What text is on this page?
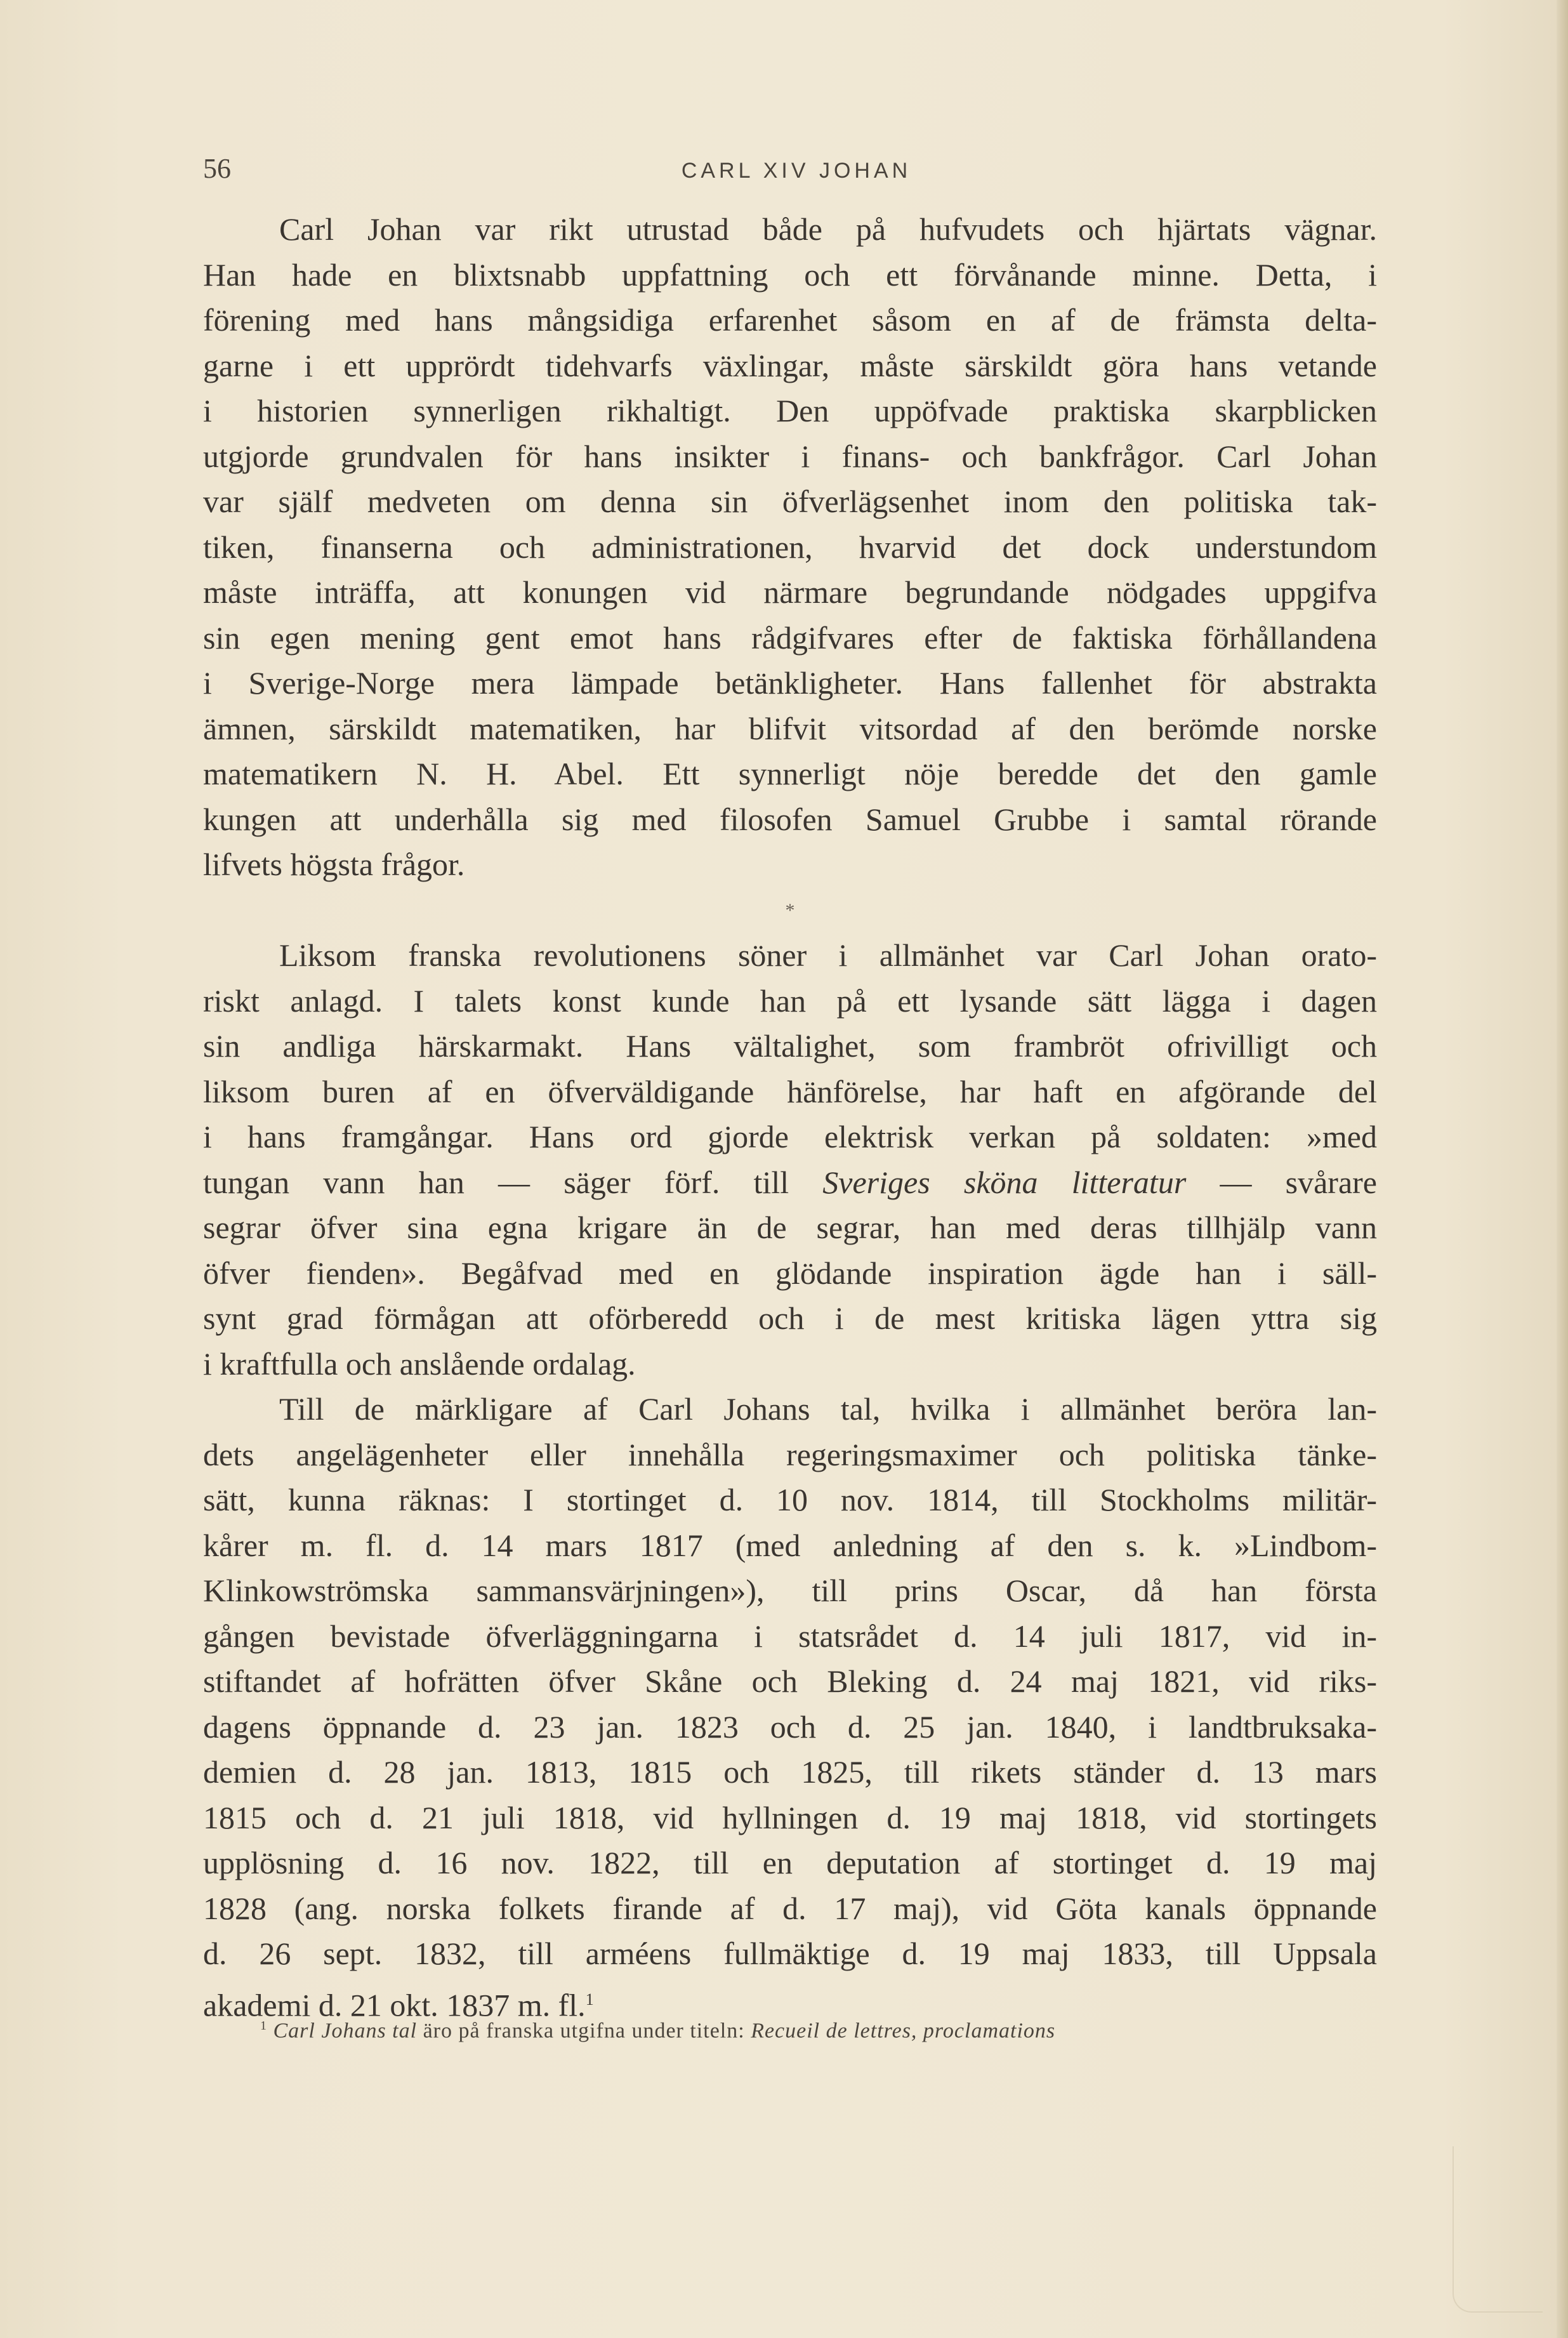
56	CARL XIV JOHAN
Carl Johan var rikt utrustad både på hufvudets och hjärtats vägnar.
Han hade en blixtsnabb uppfattning och ett förvånande minne. Detta, i
förening med hans mångsidiga erfarenhet såsom en af de främsta delta-
garne i ett upprördt tidehvarfs växlingar, måste särskildt göra hans vetande
i historien synnerligen rikhaltigt. Den uppöfvade praktiska skarpblicken
utgjorde grundvalen för hans insikter i finans- och bankfrågor. Carl Johan
var själf medveten om denna sin öfverlägsenhet inom den politiska tak-
tiken, finanserna och administrationen, hvarvid det dock understundom
måste inträffa, att konungen vid närmare begrundande nödgades uppgifva
sin egen mening gent emot hans rådgifvares efter de faktiska förhållandena
i Sverige-Norge mera lämpade betänkligheter. Hans fallenhet för abstrakta
ämnen, särskildt matematiken, har blifvit vitsordad af den berömde norske
matematikern N. H. Abel. Ett synnerligt nöje beredde det den gamle
kungen att underhålla sig med filosofen Samuel Grubbe i samtal rörande
lifvets högsta frågor.
*
Liksom franska revolutionens söner i allmänhet var Carl Johan orato-
riskt anlagd. I talets konst kunde han på ett lysande sätt lägga i dagen
sin andliga härskarmakt. Hans vältalighet, som frambröt ofrivilligt och
liksom buren af en öfverväldigande hänförelse, har haft en afgörande del
i hans framgångar. Hans ord gjorde elektrisk verkan på soldaten: »med
tungan vann han — säger förf. till Sveriges sköna litteratur — svårare
segrar öfver sina egna krigare än de segrar, han med deras tillhjälp vann
öfver fienden». Begåfvad med en glödande inspiration ägde han i säll-
synt grad förmågan att oförberedd och i de mest kritiska lägen yttra sig
i kraftfulla och anslående ordalag.
Till de märkligare af Carl Johans tal, hvilka i allmänhet beröra lan-
dets angelägenheter eller innehålla regeringsmaximer och politiska tänke-
sätt, kunna räknas: I stortinget d. 10 nov. 1814, till Stockholms militär-
kårer m. fl. d. 14 mars 1817 (med anledning af den s. k. »Lindbom-
Klinkowströmska sammansvärjningen»), till prins Oscar, då han första
gången bevistade öfverläggningarna i statsrådet d. 14 juli 1817, vid in-
stiftandet af hofrätten öfver Skåne och Bleking d. 24 maj 1821, vid riks-
dagens öppnande d. 23 jan. 1823 och d. 25 jan. 1840, i landtbruksaka-
demien d. 28 jan. 1813, 1815 och 1825, till rikets ständer d. 13 mars
1815 och d. 21 juli 1818, vid hyllningen d. 19 maj 1818, vid stortingets
upplösning d. 16 nov. 1822, till en deputation af stortinget d. 19 maj
1828 (ang. norska folkets firande af d. 17 maj), vid Göta kanals öppnande
d. 26 sept. 1832, till arméens fullmäktige d. 19 maj 1833, till Uppsala
akademi d. 21 okt. 1837 m. fl.$^1$
$^1$ Carl Johans tal äro på franska utgifna under titeln: Recueil de lettres, proclamations
